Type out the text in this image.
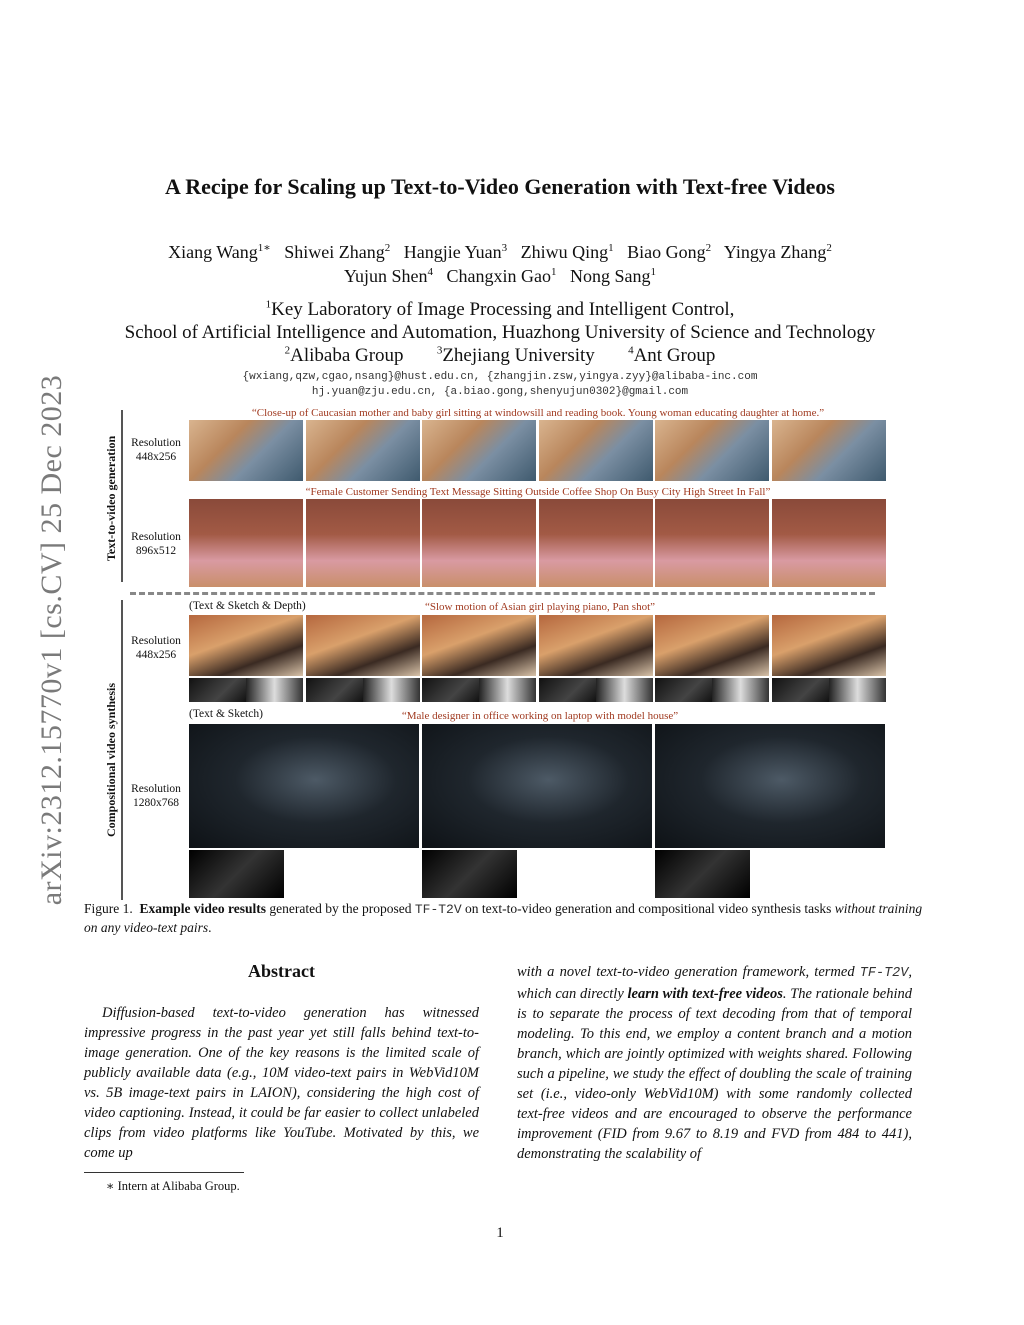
arXiv:2312.15770v1 [cs.CV] 25 Dec 2023
A Recipe for Scaling up Text-to-Video Generation with Text-free Videos
Xiang Wang$^{1∗}$ Shiwei Zhang$^2$ Hangjie Yuan$^3$ Zhiwu Qing$^1$ Biao Gong$^2$ Yingya Zhang$^2$
Yujun Shen$^4$ Changxin Gao$^1$ Nong Sang$^1$
$^1$Key Laboratory of Image Processing and Intelligent Control,
School of Artificial Intelligence and Automation, Huazhong University of Science and Technology
$^2$Alibaba Group	$^3$Zhejiang University	$^4$Ant Group
{wxiang,qzw,cgao,nsang}@hust.edu.cn, {zhangjin.zsw,yingya.zyy}@alibaba-inc.com
hj.yuan@zju.edu.cn, {a.biao.gong,shenyujun0302}@gmail.com
Text-to-video generation
Compositional video synthesis
“Close-up of Caucasian mother and baby girl sitting at windowsill and reading book. Young woman educating daughter at home.”
Resolution
448x256
“Female Customer Sending Text Message Sitting Outside Coffee Shop On Busy City High Street In Fall”
Resolution
896x512
(Text & Sketch & Depth)	“Slow motion of Asian girl playing piano, Pan shot”
Resolution
448x256
(Text & Sketch)	“Male designer in office working on laptop with model house”
Resolution
1280x768
Figure 1. Example video results generated by the proposed TF-T2V on text-to-video generation and compositional video synthesis tasks without training on any video-text pairs.
Abstract
Diffusion-based text-to-video generation has witnessed impressive progress in the past year yet still falls behind text-to-image generation. One of the key reasons is the limited scale of publicly available data (e.g., 10M video-text pairs in WebVid10M vs. 5B image-text pairs in LAION), considering the high cost of video captioning. Instead, it could be far easier to collect unlabeled clips from video platforms like YouTube. Motivated by this, we come up
with a novel text-to-video generation framework, termed TF-T2V, which can directly learn with text-free videos. The rationale behind is to separate the process of text decoding from that of temporal modeling. To this end, we employ a content branch and a motion branch, which are jointly optimized with weights shared. Following such a pipeline, we study the effect of doubling the scale of training set (i.e., video-only WebVid10M) with some randomly collected text-free videos and are encouraged to observe the performance improvement (FID from 9.67 to 8.19 and FVD from 484 to 441), demonstrating the scalability of
∗ Intern at Alibaba Group.
1
